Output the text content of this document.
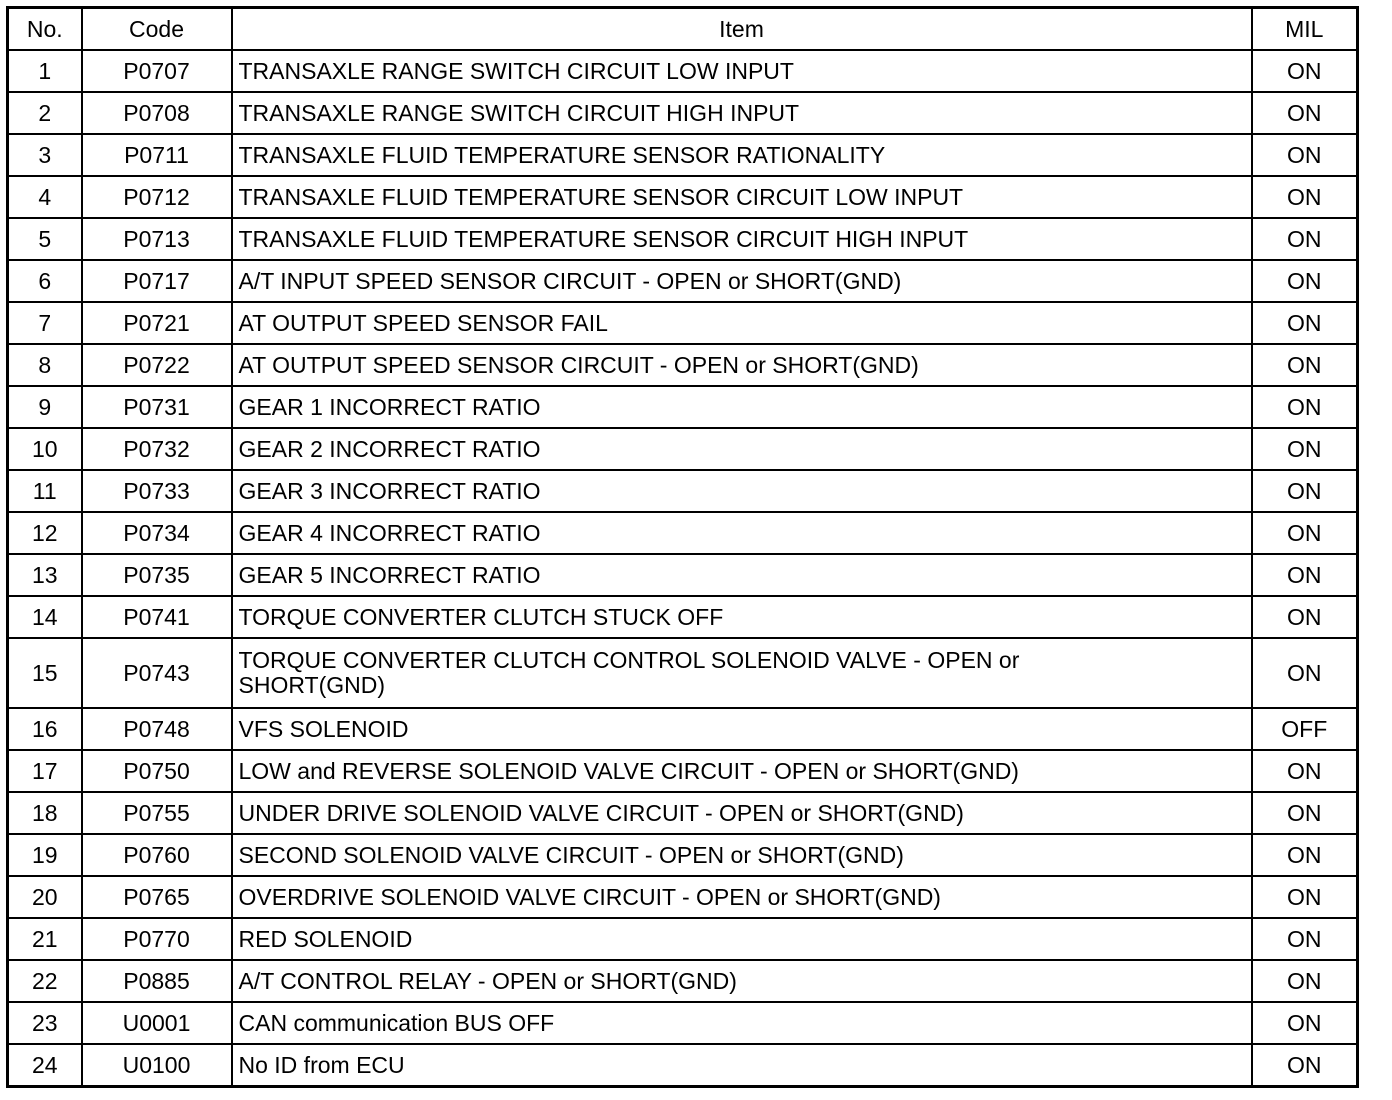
No.	Code	Item	MIL
1	P0707	TRANSAXLE RANGE SWITCH CIRCUIT LOW INPUT	ON
2	P0708	TRANSAXLE RANGE SWITCH CIRCUIT HIGH INPUT	ON
3	P0711	TRANSAXLE FLUID TEMPERATURE SENSOR RATIONALITY	ON
4	P0712	TRANSAXLE FLUID TEMPERATURE SENSOR CIRCUIT LOW INPUT	ON
5	P0713	TRANSAXLE FLUID TEMPERATURE SENSOR CIRCUIT HIGH INPUT	ON
6	P0717	A/T INPUT SPEED SENSOR CIRCUIT - OPEN or SHORT(GND)	ON
7	P0721	AT OUTPUT SPEED SENSOR FAIL	ON
8	P0722	AT OUTPUT SPEED SENSOR CIRCUIT - OPEN or SHORT(GND)	ON
9	P0731	GEAR 1 INCORRECT RATIO	ON
10	P0732	GEAR 2 INCORRECT RATIO	ON
11	P0733	GEAR 3 INCORRECT RATIO	ON
12	P0734	GEAR 4 INCORRECT RATIO	ON
13	P0735	GEAR 5 INCORRECT RATIO	ON
14	P0741	TORQUE CONVERTER CLUTCH STUCK OFF	ON
15	P0743	TORQUE CONVERTER CLUTCH CONTROL SOLENOID VALVE - OPEN or SHORT(GND)	ON
16	P0748	VFS SOLENOID	OFF
17	P0750	LOW and REVERSE SOLENOID VALVE CIRCUIT - OPEN or SHORT(GND)	ON
18	P0755	UNDER DRIVE SOLENOID VALVE CIRCUIT - OPEN or SHORT(GND)	ON
19	P0760	SECOND SOLENOID VALVE CIRCUIT - OPEN or SHORT(GND)	ON
20	P0765	OVERDRIVE SOLENOID VALVE CIRCUIT - OPEN or SHORT(GND)	ON
21	P0770	RED SOLENOID	ON
22	P0885	A/T CONTROL RELAY - OPEN or SHORT(GND)	ON
23	U0001	CAN communication BUS OFF	ON
24	U0100	No ID from ECU	ON
